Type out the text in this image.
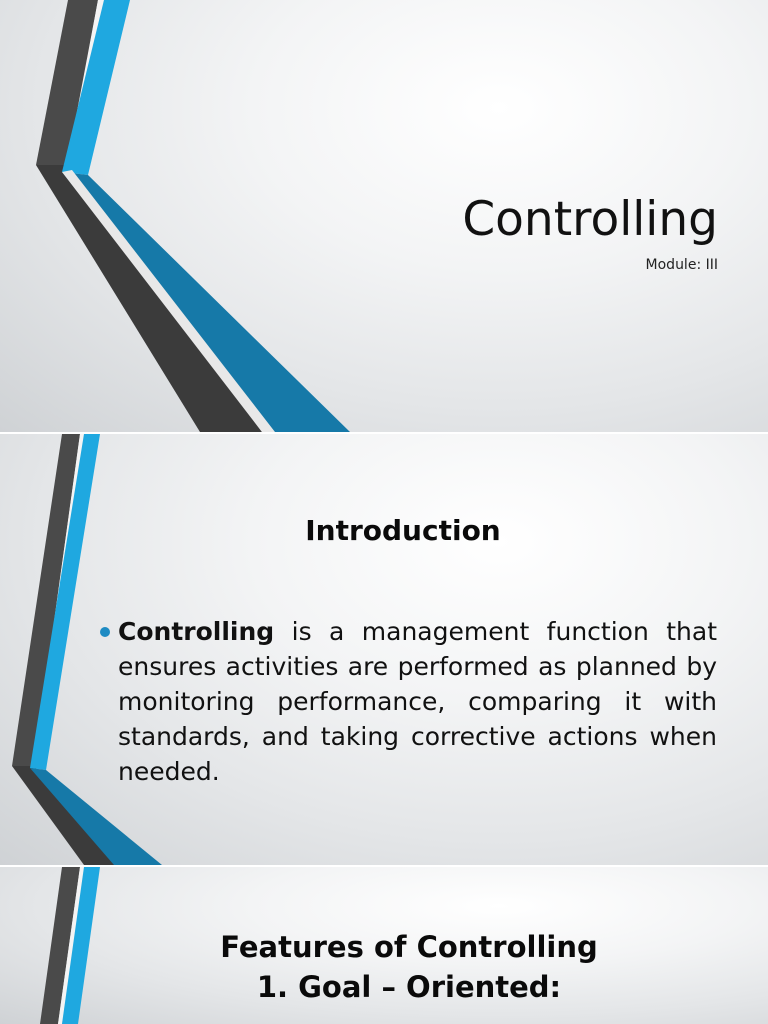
Controlling
Module: III
Introduction
Controlling is a management function that ensures activities are performed as planned by monitoring performance, comparing it with standards, and taking corrective actions when needed.
Features of Controlling
1. Goal – Oriented:
